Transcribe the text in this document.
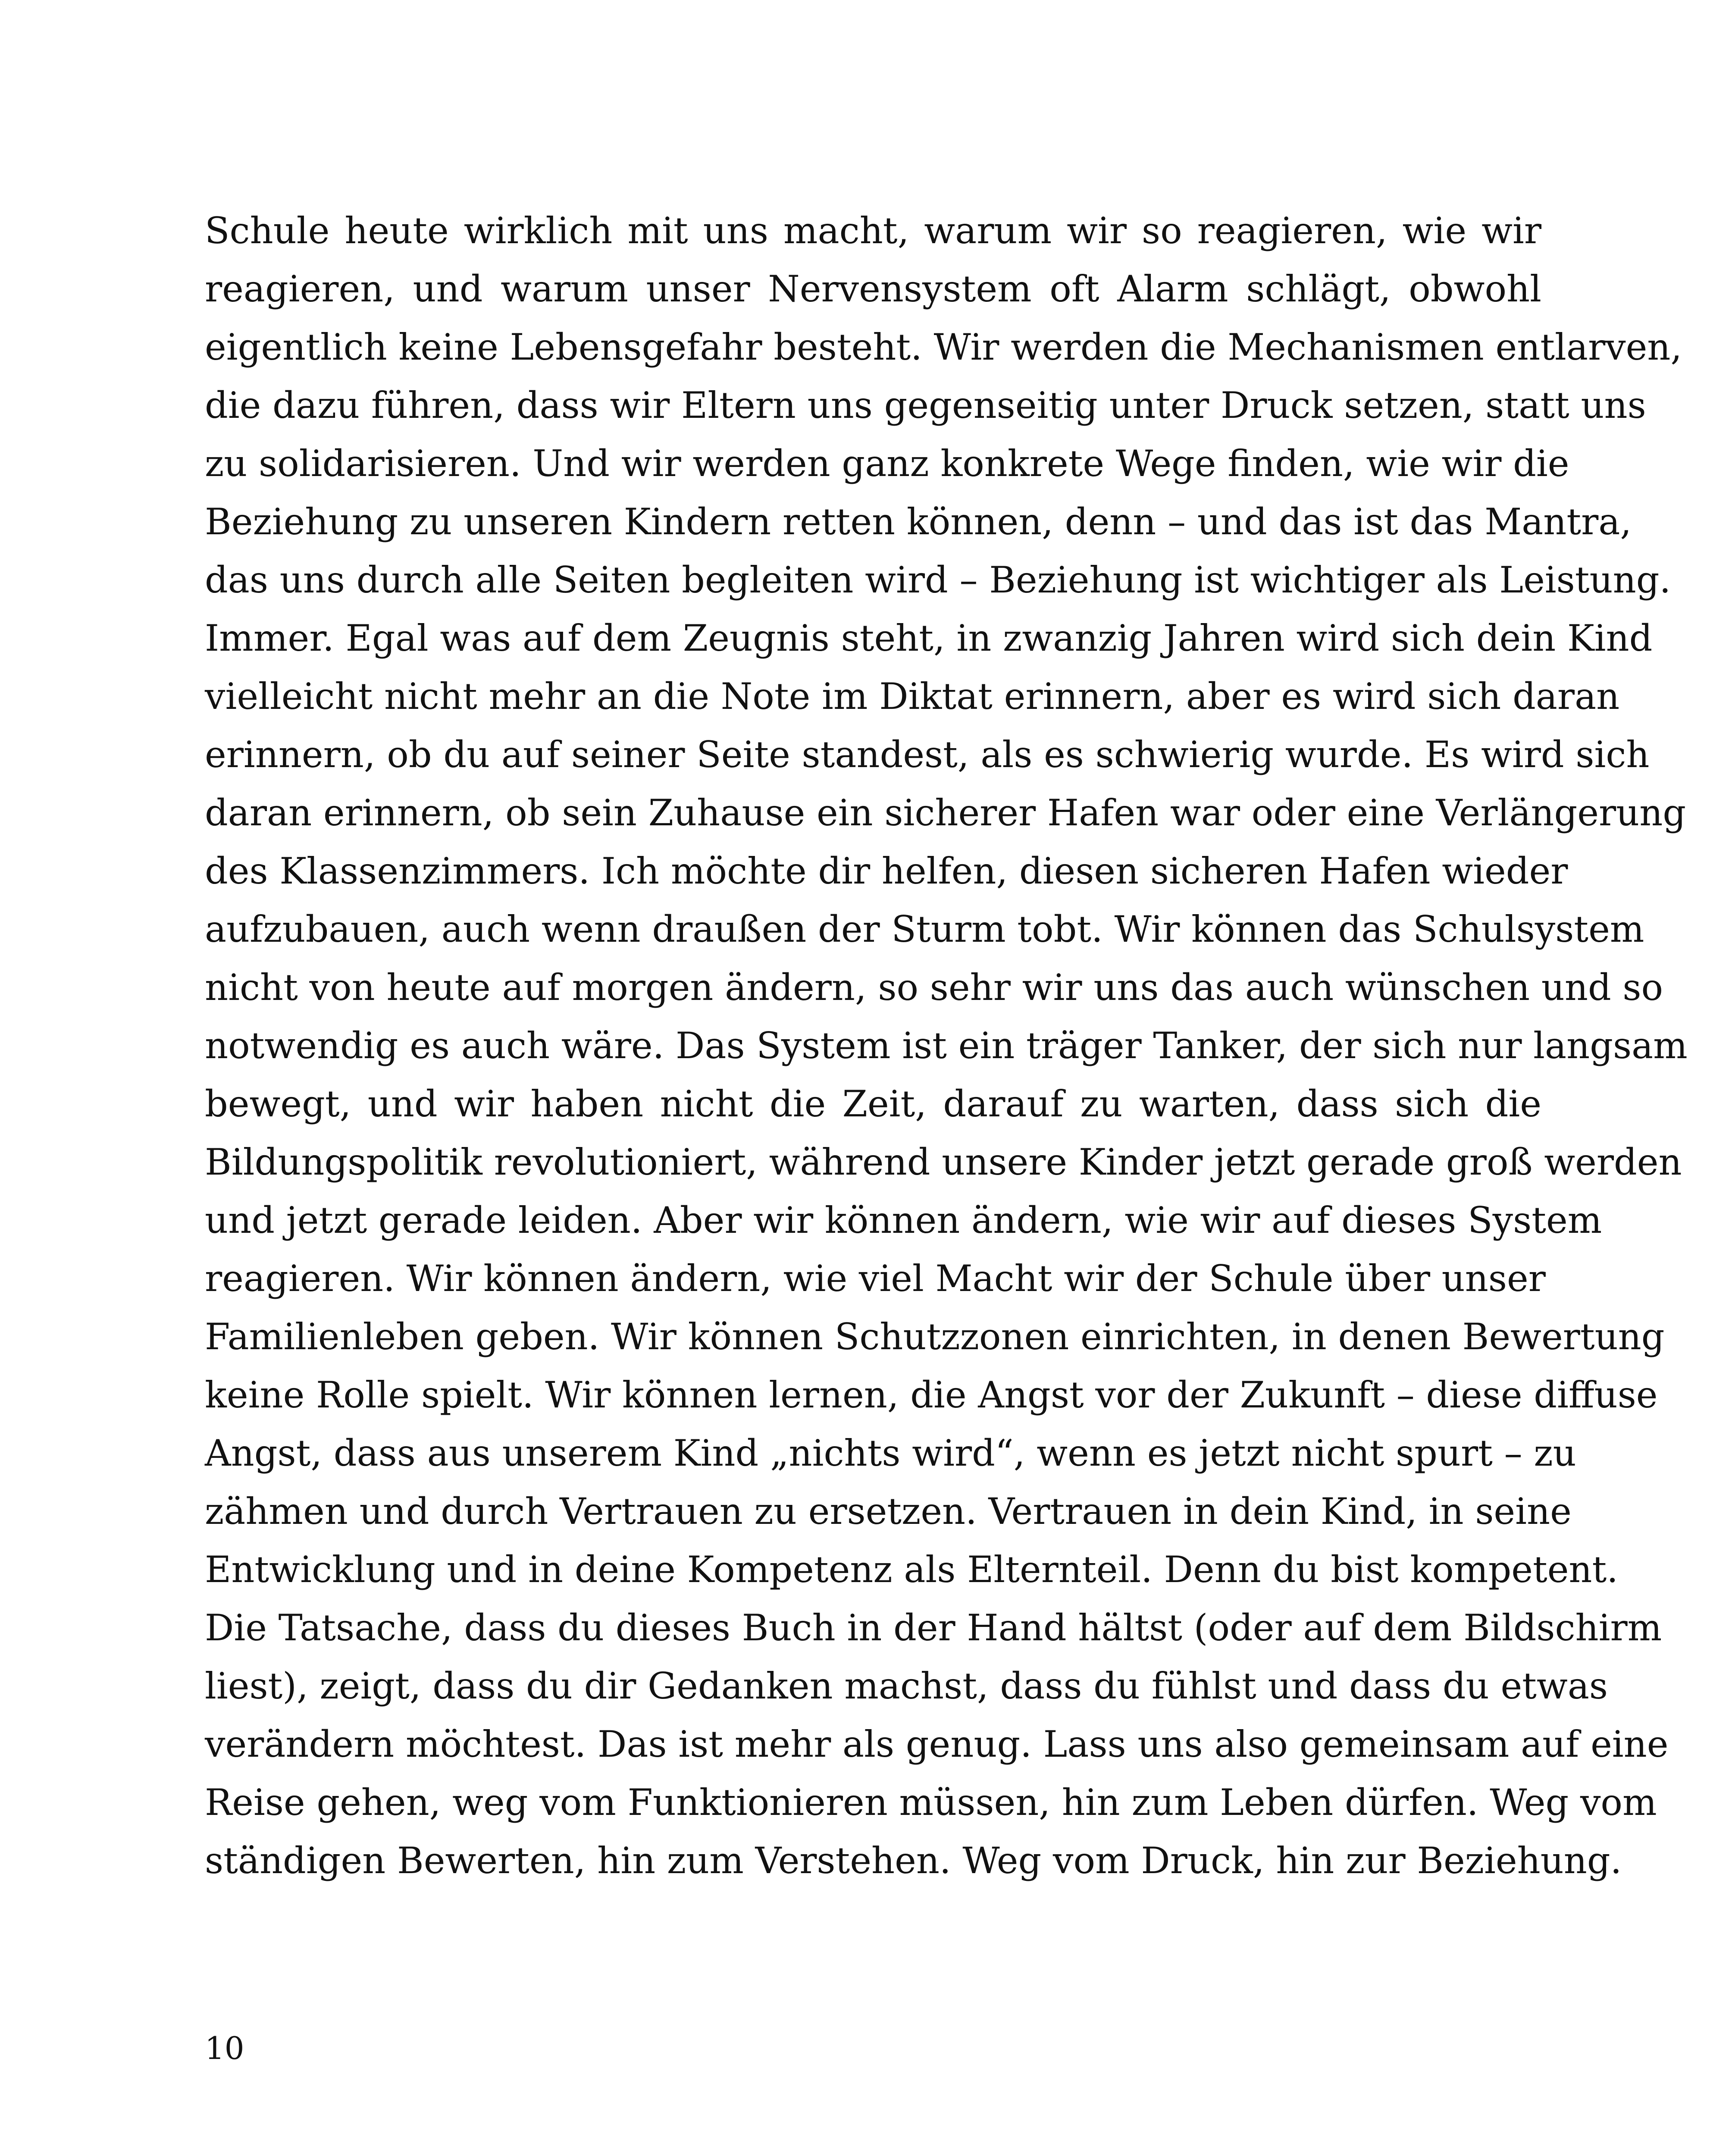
Schule heute wirklich mit uns macht, warum wir so reagieren, wie wir
reagieren, und warum unser Nervensystem oft Alarm schlägt, obwohl
eigentlich keine Lebensgefahr besteht. Wir werden die Mechanismen entlarven,
die dazu führen, dass wir Eltern uns gegenseitig unter Druck setzen, statt uns
zu solidarisieren. Und wir werden ganz konkrete Wege finden, wie wir die
Beziehung zu unseren Kindern retten können, denn – und das ist das Mantra,
das uns durch alle Seiten begleiten wird – Beziehung ist wichtiger als Leistung.
Immer. Egal was auf dem Zeugnis steht, in zwanzig Jahren wird sich dein Kind
vielleicht nicht mehr an die Note im Diktat erinnern, aber es wird sich daran
erinnern, ob du auf seiner Seite standest, als es schwierig wurde. Es wird sich
daran erinnern, ob sein Zuhause ein sicherer Hafen war oder eine Verlängerung
des Klassenzimmers. Ich möchte dir helfen, diesen sicheren Hafen wieder
aufzubauen, auch wenn draußen der Sturm tobt. Wir können das Schulsystem
nicht von heute auf morgen ändern, so sehr wir uns das auch wünschen und so
notwendig es auch wäre. Das System ist ein träger Tanker, der sich nur langsam
bewegt, und wir haben nicht die Zeit, darauf zu warten, dass sich die
Bildungspolitik revolutioniert, während unsere Kinder jetzt gerade groß werden
und jetzt gerade leiden. Aber wir können ändern, wie wir auf dieses System
reagieren. Wir können ändern, wie viel Macht wir der Schule über unser
Familienleben geben. Wir können Schutzzonen einrichten, in denen Bewertung
keine Rolle spielt. Wir können lernen, die Angst vor der Zukunft – diese diffuse
Angst, dass aus unserem Kind „nichts wird“, wenn es jetzt nicht spurt – zu
zähmen und durch Vertrauen zu ersetzen. Vertrauen in dein Kind, in seine
Entwicklung und in deine Kompetenz als Elternteil. Denn du bist kompetent.
Die Tatsache, dass du dieses Buch in der Hand hältst (oder auf dem Bildschirm
liest), zeigt, dass du dir Gedanken machst, dass du fühlst und dass du etwas
verändern möchtest. Das ist mehr als genug. Lass uns also gemeinsam auf eine
Reise gehen, weg vom Funktionieren müssen, hin zum Leben dürfen. Weg vom
ständigen Bewerten, hin zum Verstehen. Weg vom Druck, hin zur Beziehung.
10
